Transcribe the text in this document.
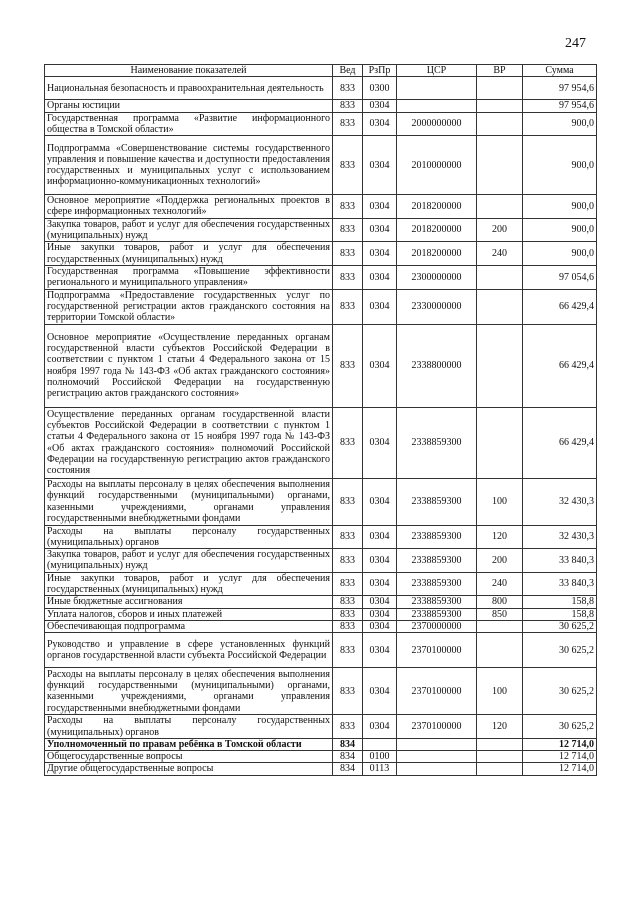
247
Наименование показателей	Вед	РзПр	ЦСР	ВР	Сумма
Национальная безопасность и правоохранительная деятельность	833	0300			97 954,6
Органы юстиции	833	0304			97 954,6
Государственная программа «Развитие информационного общества в Томской области»	833	0304	2000000000		900,0
Подпрограмма «Совершенствование системы государственного управления и повышение качества и доступности предоставления государственных и муниципальных услуг с использованием информационно-коммуникационных технологий»	833	0304	2010000000		900,0
Основное мероприятие «Поддержка региональных проектов в сфере информационных технологий»	833	0304	2018200000		900,0
Закупка товаров, работ и услуг для обеспечения государственных (муниципальных) нужд	833	0304	2018200000	200	900,0
Иные закупки товаров, работ и услуг для обеспечения государственных (муниципальных) нужд	833	0304	2018200000	240	900,0
Государственная программа «Повышение эффективности регионального и муниципального управления»	833	0304	2300000000		97 054,6
Подпрограмма «Предоставление государственных услуг по государственной регистрации актов гражданского состояния на территории Томской области»	833	0304	2330000000		66 429,4
Основное мероприятие «Осуществление переданных органам государственной власти субъектов Российской Федерации в соответствии с пунктом 1 статьи 4 Федерального закона от 15 ноября 1997 года № 143-ФЗ «Об актах гражданского состояния» полномочий Российской Федерации на государственную регистрацию актов гражданского состояния»	833	0304	2338800000		66 429,4
Осуществление переданных органам государственной власти субъектов Российской Федерации в соответствии с пунктом 1 статьи 4 Федерального закона от 15 ноября 1997 года № 143-ФЗ «Об актах гражданского состояния» полномочий Российской Федерации на государственную регистрацию актов гражданского состояния	833	0304	2338859300		66 429,4
Расходы на выплаты персоналу в целях обеспечения выполнения функций государственными (муниципальными) органами, казенными учреждениями, органами управления государственными внебюджетными фондами	833	0304	2338859300	100	32 430,3
Расходы на выплаты персоналу государственных (муниципальных) органов	833	0304	2338859300	120	32 430,3
Закупка товаров, работ и услуг для обеспечения государственных (муниципальных) нужд	833	0304	2338859300	200	33 840,3
Иные закупки товаров, работ и услуг для обеспечения государственных (муниципальных) нужд	833	0304	2338859300	240	33 840,3
Иные бюджетные ассигнования	833	0304	2338859300	800	158,8
Уплата налогов, сборов и иных платежей	833	0304	2338859300	850	158,8
Обеспечивающая подпрограмма	833	0304	2370000000		30 625,2
Руководство и управление в сфере установленных функций органов государственной власти субъекта Российской Федерации	833	0304	2370100000		30 625,2
Расходы на выплаты персоналу в целях обеспечения выполнения функций государственными (муниципальными) органами, казенными учреждениями, органами управления государственными внебюджетными фондами	833	0304	2370100000	100	30 625,2
Расходы на выплаты персоналу государственных (муниципальных) органов	833	0304	2370100000	120	30 625,2
Уполномоченный по правам ребёнка в Томской области	834				12 714,0
Общегосударственные вопросы	834	0100			12 714,0
Другие общегосударственные вопросы	834	0113			12 714,0
